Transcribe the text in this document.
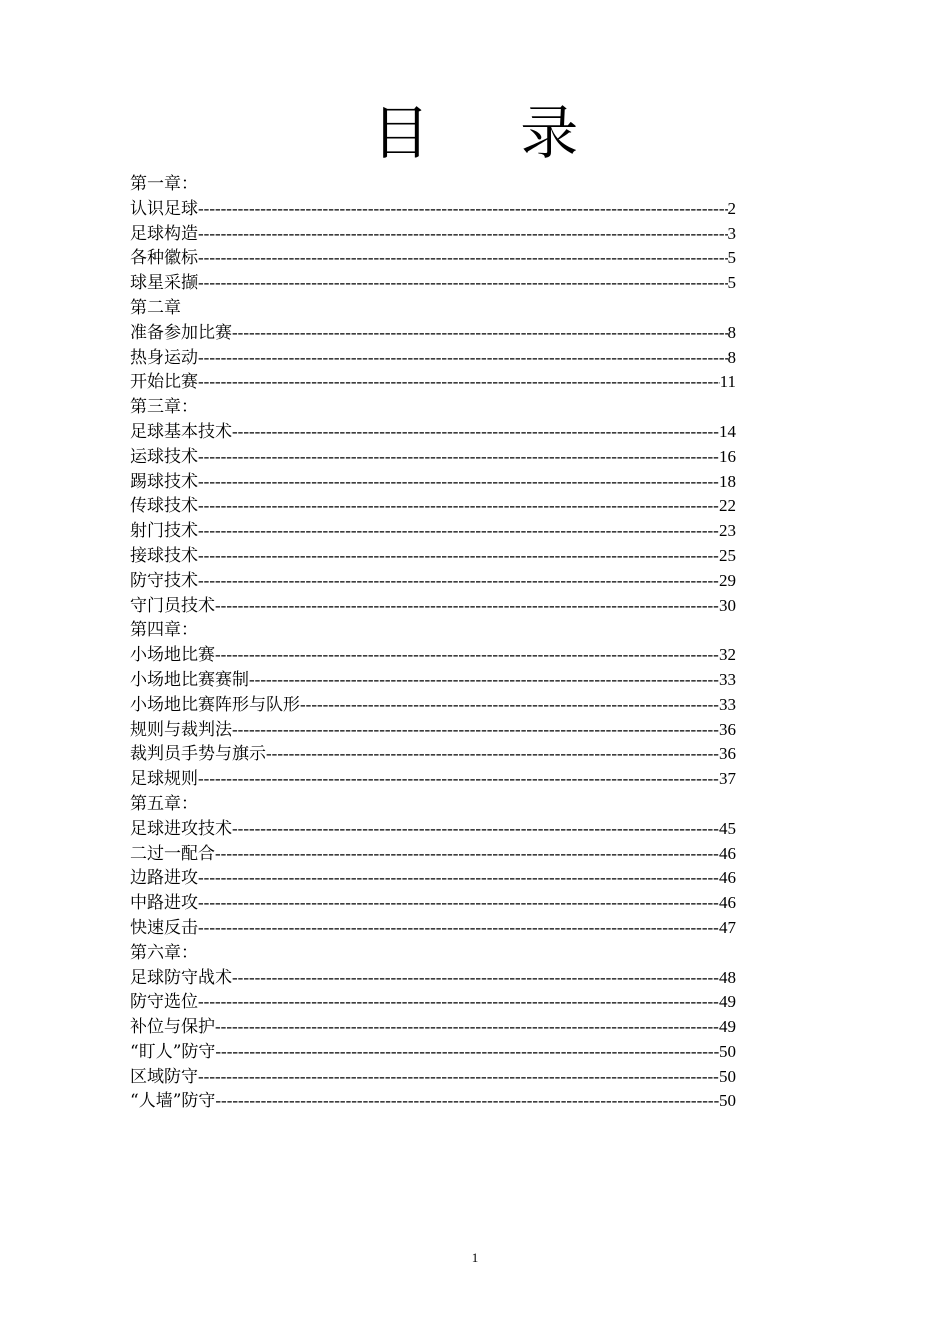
目 录
第一章：
认识足球 -----	2
足球构造 -----	3
各种徽标 -----	5
球星采撷 -----	5
第二章
准备参加比赛 -----	8
热身运动 -----	8
开始比赛 -----	11
第三章：
足球基本技术 -----	14
运球技术 -----	16
踢球技术 -----	18
传球技术 -----	22
射门技术 -----	23
接球技术 -----	25
防守技术 -----	29
守门员技术 -----	30
第四章：
小场地比赛 -----	32
小场地比赛赛制 -----	33
小场地比赛阵形与队形 -----	33
规则与裁判法 -----	36
裁判员手势与旗示 -----	36
足球规则 -----	37
第五章：
足球进攻技术 -----	45
二过一配合 -----	46
边路进攻 -----	46
中路进攻 -----	46
快速反击 -----	47
第六章：
足球防守战术 -----	48
防守选位 -----	49
补位与保护 -----	49
“盯人”防守 -----	50
区域防守 -----	50
“人墙”防守 -----	50
1
